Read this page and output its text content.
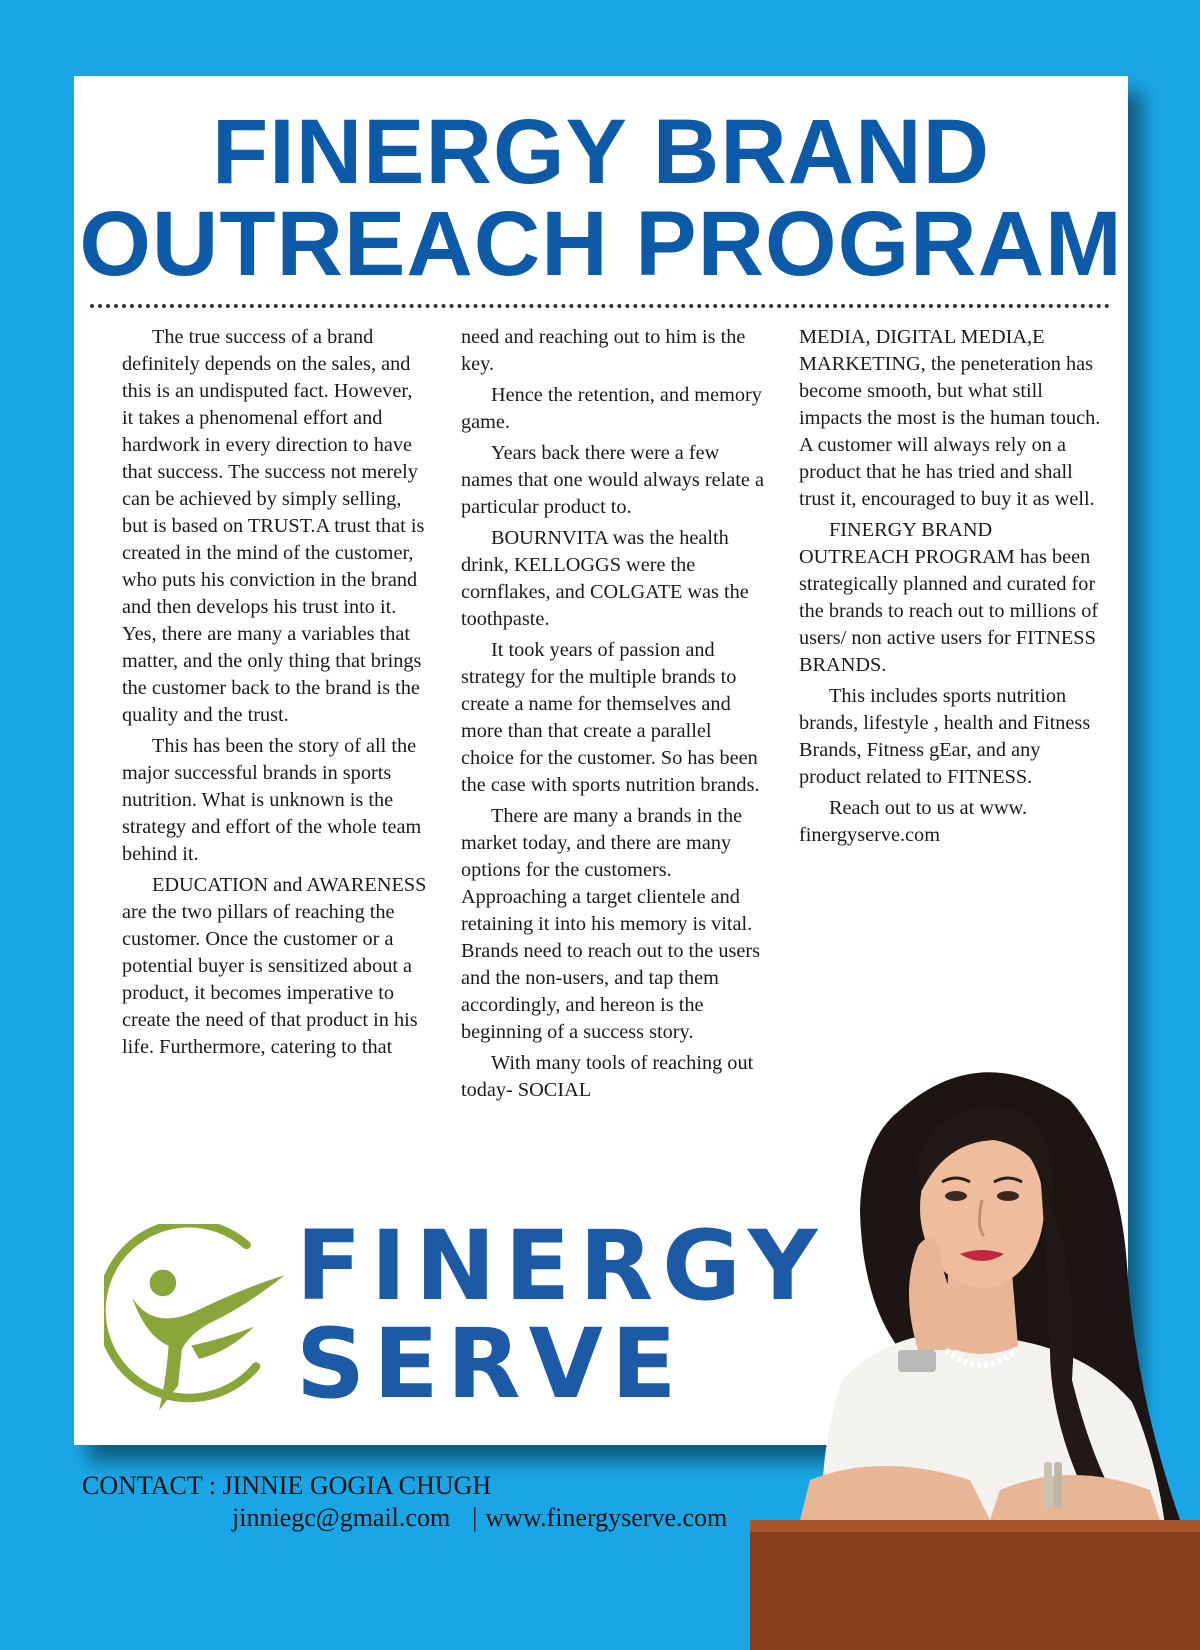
FINERGY BRAND
OUTREACH PROGRAM

The true success of a brand definitely depends on the sales, and this is an undisputed fact. However, it takes a phenomenal effort and hardwork in every direction to have that success. The success not merely can be achieved by simply selling, but is based on TRUST.A trust that is created in the mind of the customer, who puts his conviction in the brand and then develops his trust into it. Yes, there are many a variables that matter, and the only thing that brings the customer back to the brand is the quality and the trust.

This has been the story of all the major successful brands in sports nutrition. What is unknown is the strategy and effort of the whole team behind it.

EDUCATION and AWARENESS are the two pillars of reaching the customer. Once the customer or a potential buyer is sensitized about a product, it becomes imperative to create the need of that product in his life. Furthermore, catering to that

need and reaching out to him is the key.

Hence the retention, and memory game.

Years back there were a few names that one would always relate a particular product to.

BOURNVITA was the health drink, KELLOGGS were the cornflakes, and COLGATE was the toothpaste.

It took years of passion and strategy for the multiple brands to create a name for themselves and more than that create a parallel choice for the customer. So has been the case with sports nutrition brands.

There are many a brands in the market today, and there are many options for the customers. Approaching a target clientele and retaining it into his memory is vital. Brands need to reach out to the users and the non-users, and tap them accordingly, and hereon is the beginning of a success story.

With many tools of reaching out today- SOCIAL

MEDIA, DIGITAL MEDIA,E MARKETING, the peneteration has become smooth, but what still impacts the most is the human touch. A customer will always rely on a product that he has tried and shall trust it, encouraged to buy it as well.

FINERGY BRAND OUTREACH PROGRAM has been strategically planned and curated for the brands to reach out to millions of users/ non active users for FITNESS BRANDS.

This includes sports nutrition brands, lifestyle , health and Fitness Brands, Fitness gEar, and any product related to FITNESS.

Reach out to us at www. finergyserve.com

FINERGY
SERVE
CONTACT : JINNIE GOGIA CHUGH
jinniegc@gmail.com | www.finergyserve.com
